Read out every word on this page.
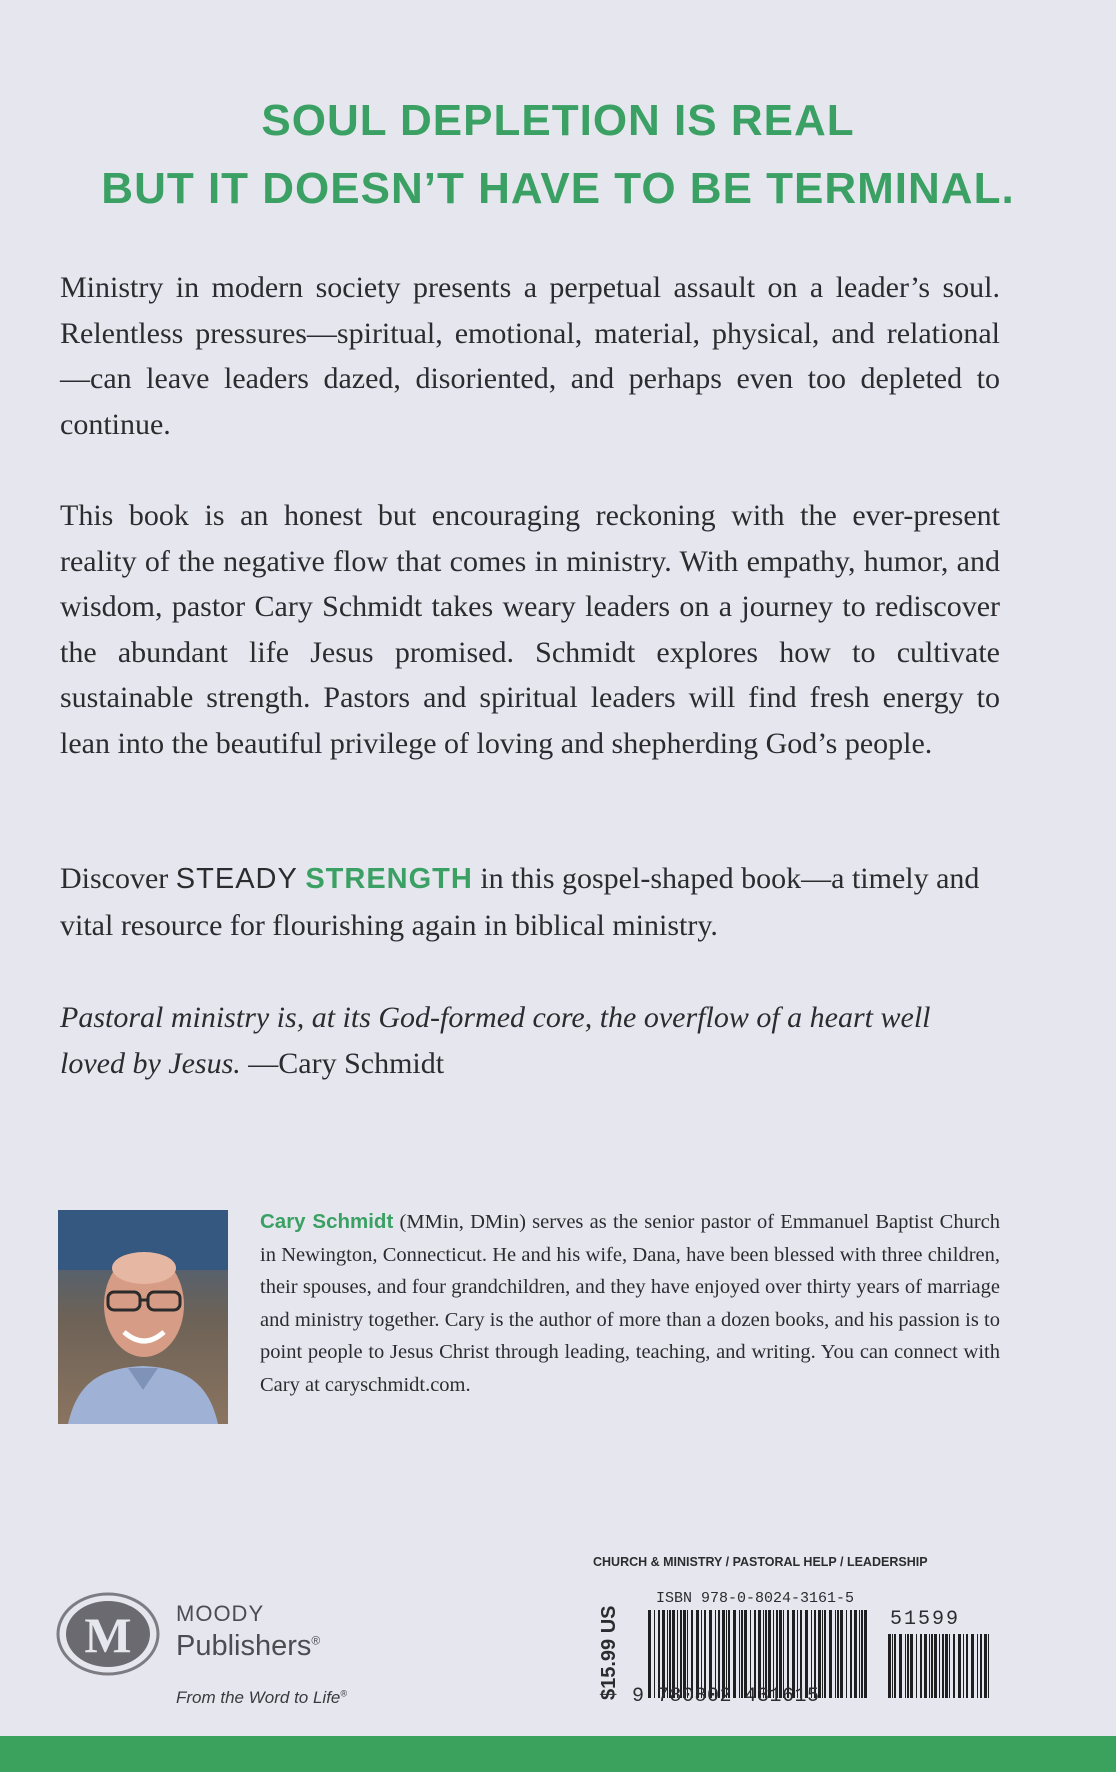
SOUL DEPLETION IS REAL
BUT IT DOESN’T HAVE TO BE TERMINAL.

Ministry in modern society presents a perpetual assault on a leader’s soul. Relentless pressures—spiritual, emotional, material, physical, and relational—can leave leaders dazed, disoriented, and perhaps even too depleted to continue.

This book is an honest but encouraging reckoning with the ever-present reality of the negative flow that comes in ministry. With empathy, humor, and wisdom, pastor Cary Schmidt takes weary leaders on a journey to rediscover the abundant life Jesus promised. Schmidt explores how to cultivate sustainable strength. Pastors and spiritual leaders will find fresh energy to lean into the beautiful privilege of loving and shepherding God’s people.

Discover STEADY STRENGTH in this gospel-shaped book—a timely and vital resource for flourishing again in biblical ministry.

Pastoral ministry is, at its God-formed core, the overflow of a heart well loved by Jesus. —Cary Schmidt

Cary Schmidt (MMin, DMin) serves as the senior pastor of Emmanuel Baptist Church in Newington, Connecticut. He and his wife, Dana, have been blessed with three children, their spouses, and four grandchildren, and they have enjoyed over thirty years of marriage and ministry together. Cary is the author of more than a dozen books, and his passion is to point people to Jesus Christ through leading, teaching, and writing. You can connect with Cary at caryschmidt.com.

CHURCH & MINISTRY / PASTORAL HELP / LEADERSHIP
M MOODY
Publishers®
From the Word to Life®	$15.99 US
ISBN 978-0-8024-3161-5
9 780802 431615
51599
